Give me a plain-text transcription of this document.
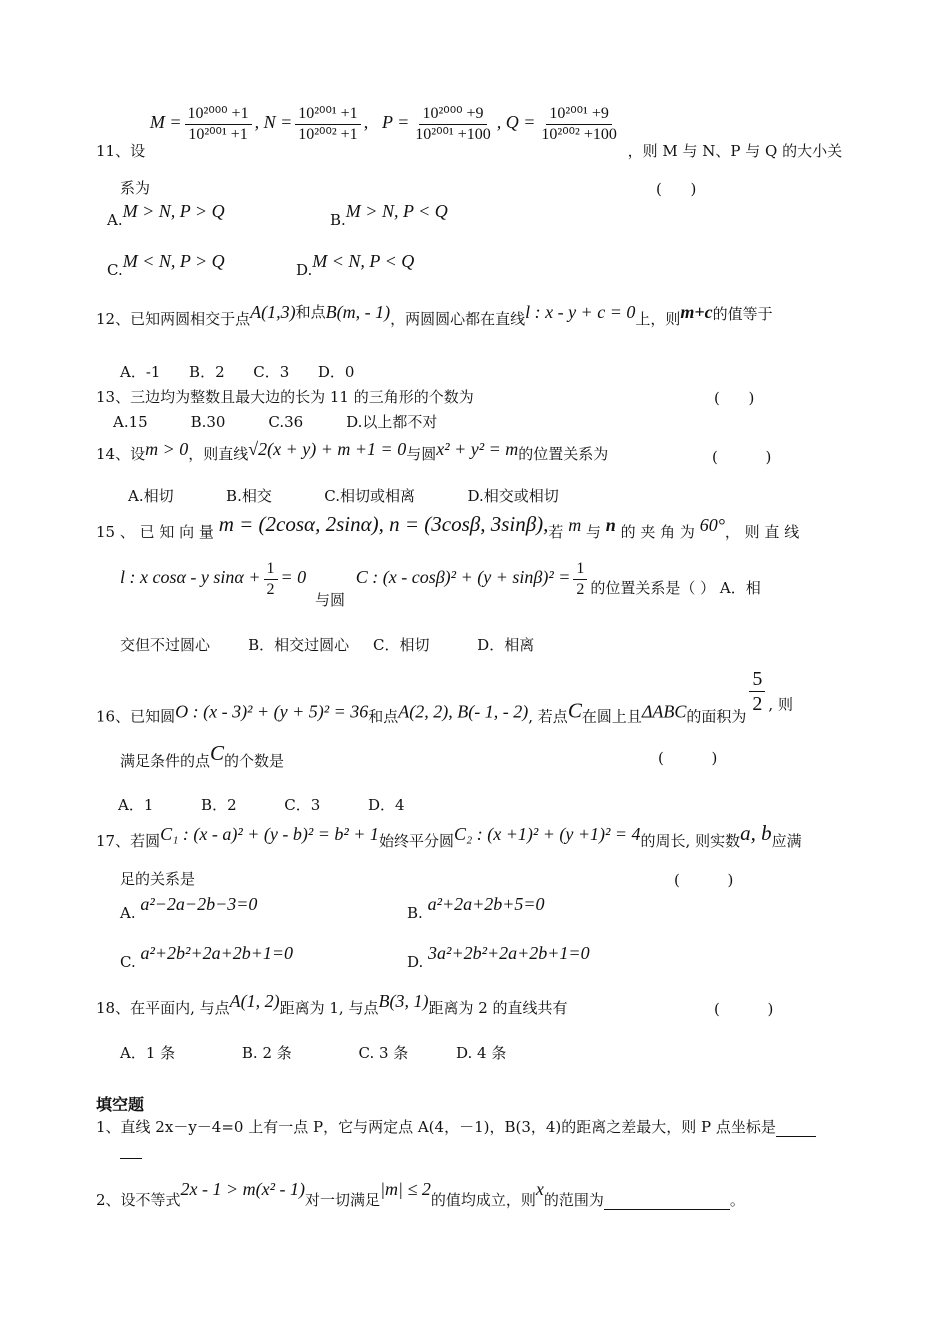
11、设 $M = \frac{\text{10²⁰⁰⁰ +1}}{\text{10²⁰⁰¹ +1}}$ , $N = \frac{\text{10²⁰⁰¹ +1}}{\text{10²⁰⁰² +1}}$ ,   $P = \frac{\text{10²⁰⁰⁰ +9}}{\text{10²⁰⁰¹ +100}}$ , $Q = \frac{\text{10²⁰⁰¹ +9}}{\text{10²⁰⁰² +100}}$
，则 M 与 N、P 与 Q 的大小关
系为	(      )
A.M > N, P > Q	B.M > N, P < Q
C.M < N, P > Q	D.M < N, P < Q
12、已知两圆相交于点A(1,3)和点B(m, - 1)，两圆圆心都在直线l : x - y + c = 0上，则m+c的值等于
A．-1      B．2      C．3      D．0
13、三边均为整数且最大边的长为 11 的三角形的个数为	(      )
A.15         B.30         C.36         D.以上都不对
14、设m > 0，则直线√2(x + y) + m +1 = 0与圆x² + y² = m的位置关系为	(          )
A.相切           B.相交           C.相切或相离           D.相交或相切
15 、 已 知 向 量 m = (2cosα, 2sinα), n = (3cosβ, 3sinβ),若 m 与 n 的 夹 角 为 60°， 则 直 线
l : x cosα - y $\sin\alpha + \frac{1}{2} = 0$ 与圆 C : $(x - \cos\beta)^2 + (y + \sin\beta)^2 = \frac{1}{2}$ 的位置关系是（ ） A．相
交但不过圆心        B．相交过圆心     C．相切          D．相离
16、已知圆O : (x - 3)² + (y + 5)² = 36和点A(2, 2), B(- 1, - 2), 若点C在圆上且ΔABC的面积为
$\frac{5}{2}$ , 则
满足条件的点C的个数是	(          )
A．1          B．2          C．3          D．4
17、若圆C₁ : (x - a)² + (y - b)² = b² + 1始终平分圆C₂ : (x +1)² + (y +1)² = 4的周长, 则实数a, b应满
足的关系是	(          )
A. a²−2a−2b−3=0	B. a²+2a+2b+5=0
C. a²+2b²+2a+2b+1=0	D. 3a²+2b²+2a+2b+1=0
18、在平面内, 与点A(1, 2)距离为 1, 与点B(3, 1)距离为 2 的直线共有	(          )
A．1 条              B. 2 条              C. 3 条          D. 4 条
填空题
1、直线 2x－y－4=0 上有一点 P，它与两定点 A(4，－1)，B(3，4)的距离之差最大，则 P 点坐标是

2、设不等式2x - 1 > m(x² - 1)对一切满足|m| ≤ 2的值均成立，则x的范围为	。
